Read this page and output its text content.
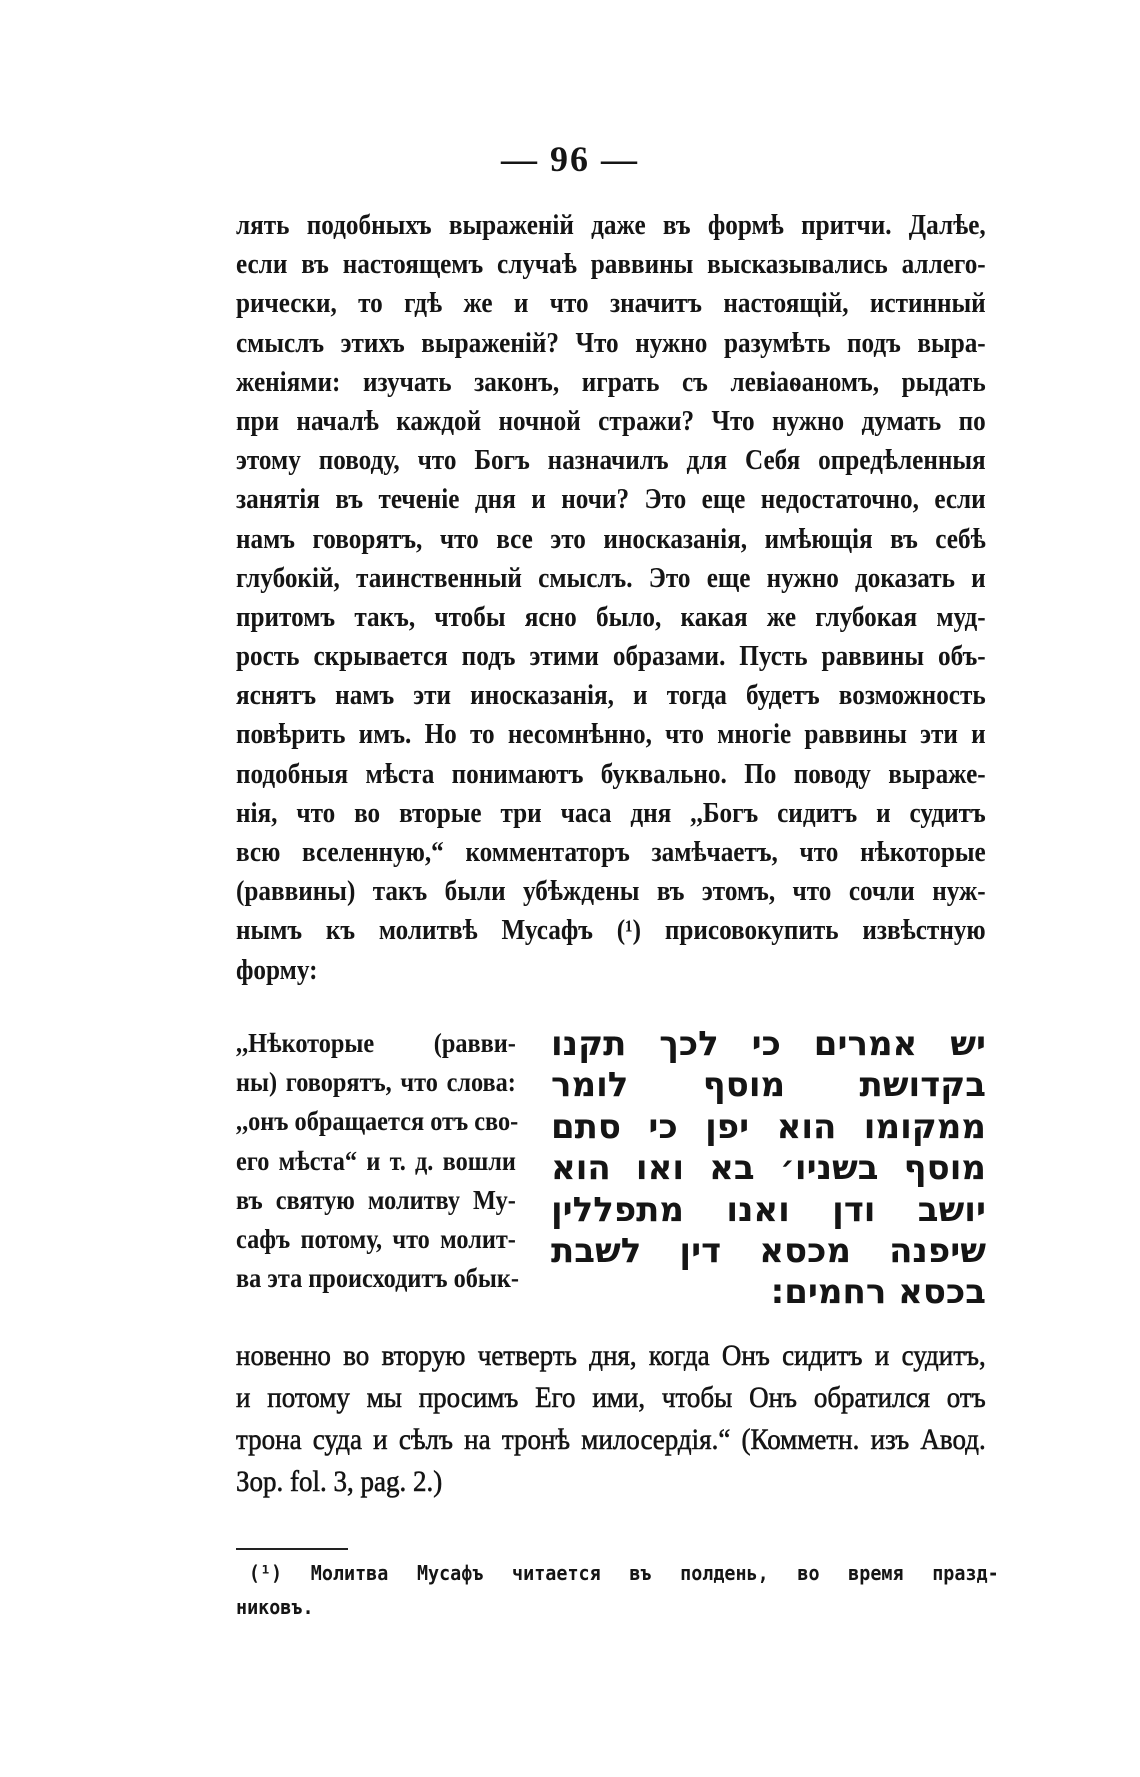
— 96 —
лять подобныхъ выраженій даже въ формѣ притчи. Далѣе,
если въ настоящемъ случаѣ раввины высказывались аллего-
рически, то гдѣ же и что значитъ настоящій, истинный
смыслъ этихъ выраженій? Что нужно разумѣть подъ выра-
женіями: изучать законъ, играть съ левіаѳаномъ, рыдать
при началѣ каждой ночной стражи? Что нужно думать по
этому поводу, что Богъ назначилъ для Себя опредѣленныя
занятія въ теченіе дня и ночи? Это еще недостаточно, если
намъ говорятъ, что все это иносказанія, имѣющія въ себѣ
глубокій, таинственный смыслъ. Это еще нужно доказать и
притомъ такъ, чтобы ясно было, какая же глубокая муд-
рость скрывается подъ этими образами. Пусть раввины объ-
яснятъ намъ эти иносказанія, и тогда будетъ возможность
повѣрить имъ. Но то несомнѣнно, что многіе раввины эти и
подобныя мѣста понимаютъ буквально. По поводу выраже-
нія, что во вторые три часа дня ,,Богъ сидитъ и судитъ
всю вселенную,“ комментаторъ замѣчаетъ, что нѣкоторые
(раввины) такъ были убѣждены въ этомъ, что сочли нуж-
нымъ къ молитвѣ Мусафъ (¹) присовокупить извѣстную
форму:
,,Нѣкоторые (равви-
ны) говорятъ, что слова:
,,онъ обращается отъ сво-
его мѣста“ и т. д. вошли
въ святую молитву Му-
сафъ потому, что молит-
ва эта происходитъ обык-
יש אמרים כי לכך תקנו
בקדושת מוסף לומר
ממקומו הוא יפן כי סתם
מוסף בשניו׳ בא ואו הוא
יושב ודן ואנו מתפללין
שיפנה מכסא דין לשבת
בכסא רחמים:
новенно во вторую четверть дня, когда Онъ сидитъ и судитъ,
и потому мы просимъ Его ими, чтобы Онъ обратился отъ
трона суда и сѣлъ на тронѣ милосердія.“ (Комметн. изъ Авод.
Зор. fol. 3, pag. 2.)
(¹) Молитва Мусафъ читается въ полдень, во время празд-
никовъ.
